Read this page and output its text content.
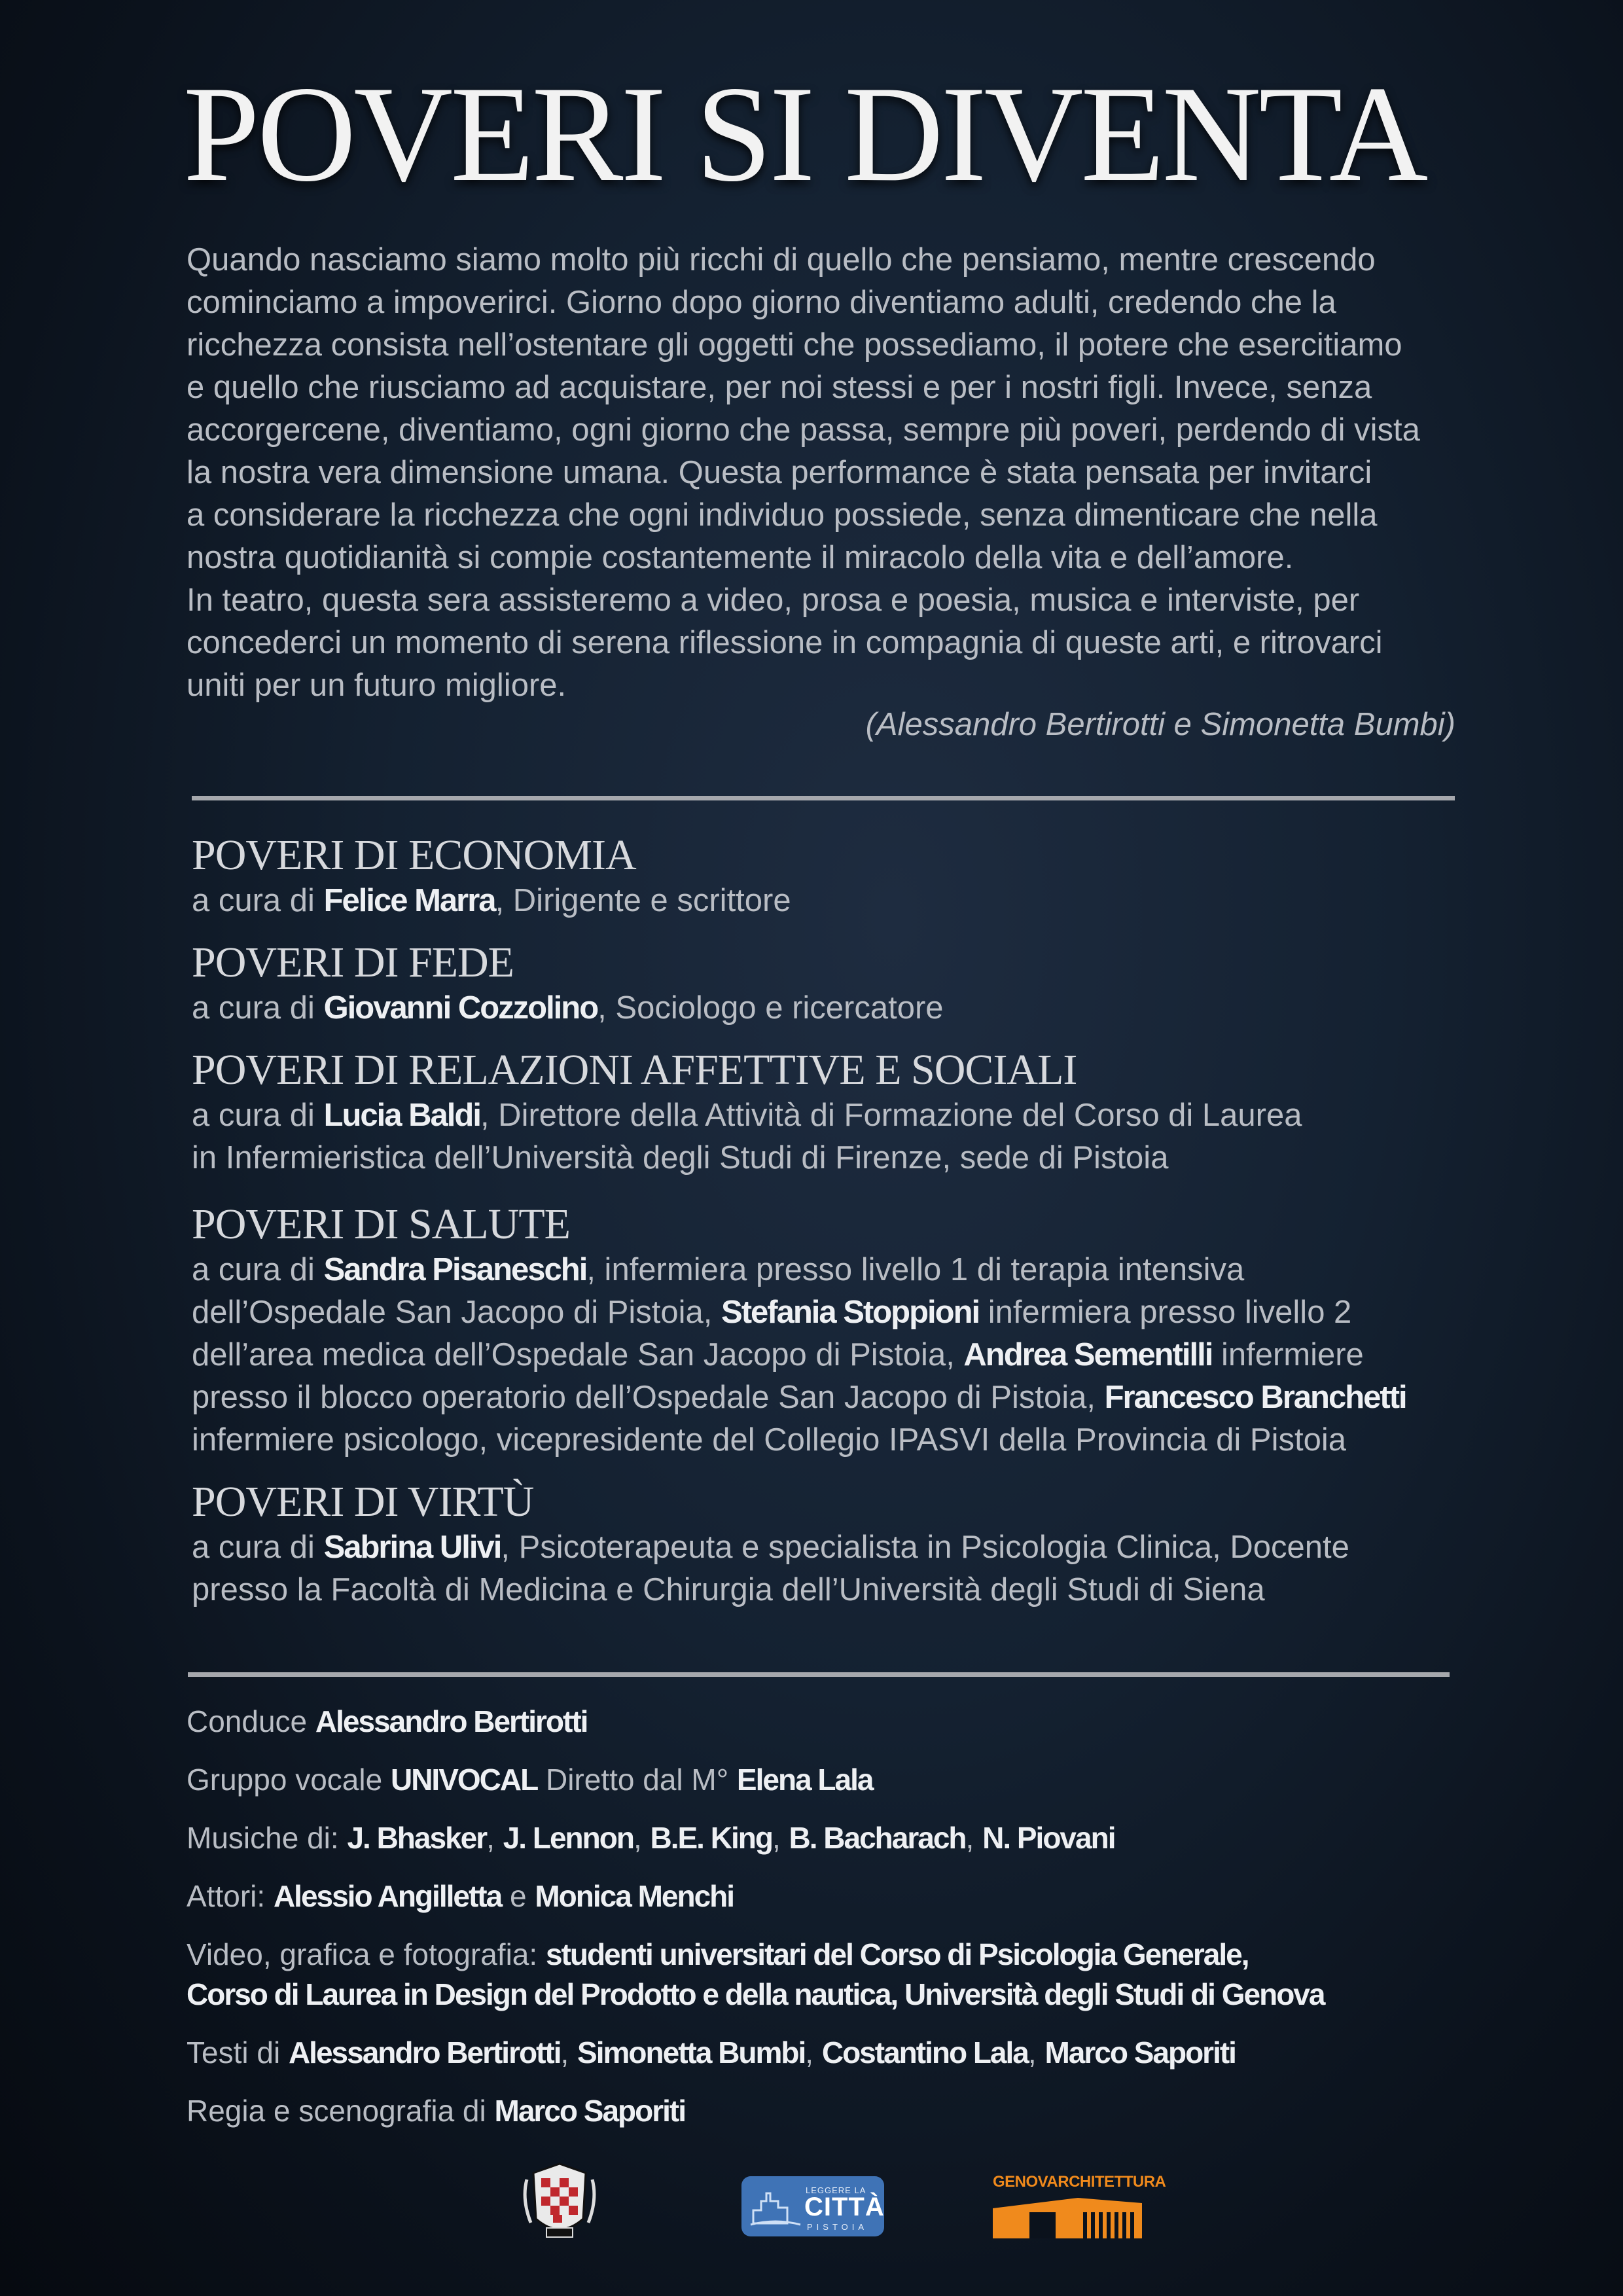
POVERI SI DIVENTA

Quando nasciamo siamo molto più ricchi di quello che pensiamo, mentre crescendo

cominciamo a impoverirci. Giorno dopo giorno diventiamo adulti, credendo che la

ricchezza consista nell’ostentare gli oggetti che possediamo, il potere che esercitiamo

e quello che riusciamo ad acquistare, per noi stessi e per i nostri figli. Invece, senza

accorgercene, diventiamo, ogni giorno che passa, sempre più poveri, perdendo di vista

la nostra vera dimensione umana. Questa performance è stata pensata per invitarci

a considerare la ricchezza che ogni individuo possiede, senza dimenticare che nella

nostra quotidianità si compie costantemente il miracolo della vita e dell’amore.

In teatro, questa sera assisteremo a video, prosa e poesia, musica e interviste, per

concederci un momento di serena riflessione in compagnia di queste arti, e ritrovarci

uniti per un futuro migliore.

(Alessandro Bertirotti e Simonetta Bumbi)
POVERI DI ECONOMIA

a cura di Felice Marra, Dirigente e scrittore

POVERI DI FEDE

a cura di Giovanni Cozzolino, Sociologo e ricercatore

POVERI DI RELAZIONI AFFETTIVE E SOCIALI

a cura di Lucia Baldi, Direttore della Attività di Formazione del Corso di Laurea

in Infermieristica dell’Università degli Studi di Firenze, sede di Pistoia

POVERI DI SALUTE

a cura di Sandra Pisaneschi, infermiera presso livello 1 di terapia intensiva

dell’Ospedale San Jacopo di Pistoia, Stefania Stoppioni infermiera presso livello 2

dell’area medica dell’Ospedale San Jacopo di Pistoia, Andrea Sementilli infermiere

presso il blocco operatorio dell’Ospedale San Jacopo di Pistoia, Francesco Branchetti

infermiere psicologo, vicepresidente del Collegio IPASVI della Provincia di Pistoia

POVERI DI VIRTÙ

a cura di Sabrina Ulivi, Psicoterapeuta e specialista in Psicologia Clinica, Docente

presso la Facoltà di Medicina e Chirurgia dell’Università degli Studi di Siena

Conduce Alessandro Bertirotti

Gruppo vocale UNIVOCAL Diretto dal M° Elena Lala

Musiche di: J. Bhasker, J. Lennon, B.E. King, B. Bacharach, N. Piovani

Attori: Alessio Angilletta e Monica Menchi

Video, grafica e fotografia: studenti universitari del Corso di Psicologia Generale,

Corso di Laurea in Design del Prodotto e della nautica, Università degli Studi di Genova

Testi di Alessandro Bertirotti, Simonetta Bumbi, Costantino Lala, Marco Saporiti

Regia e scenografia di Marco Saporiti

LEGGERE LA
CITTÀ
PISTOIA
GENOVARCHITETTURA
